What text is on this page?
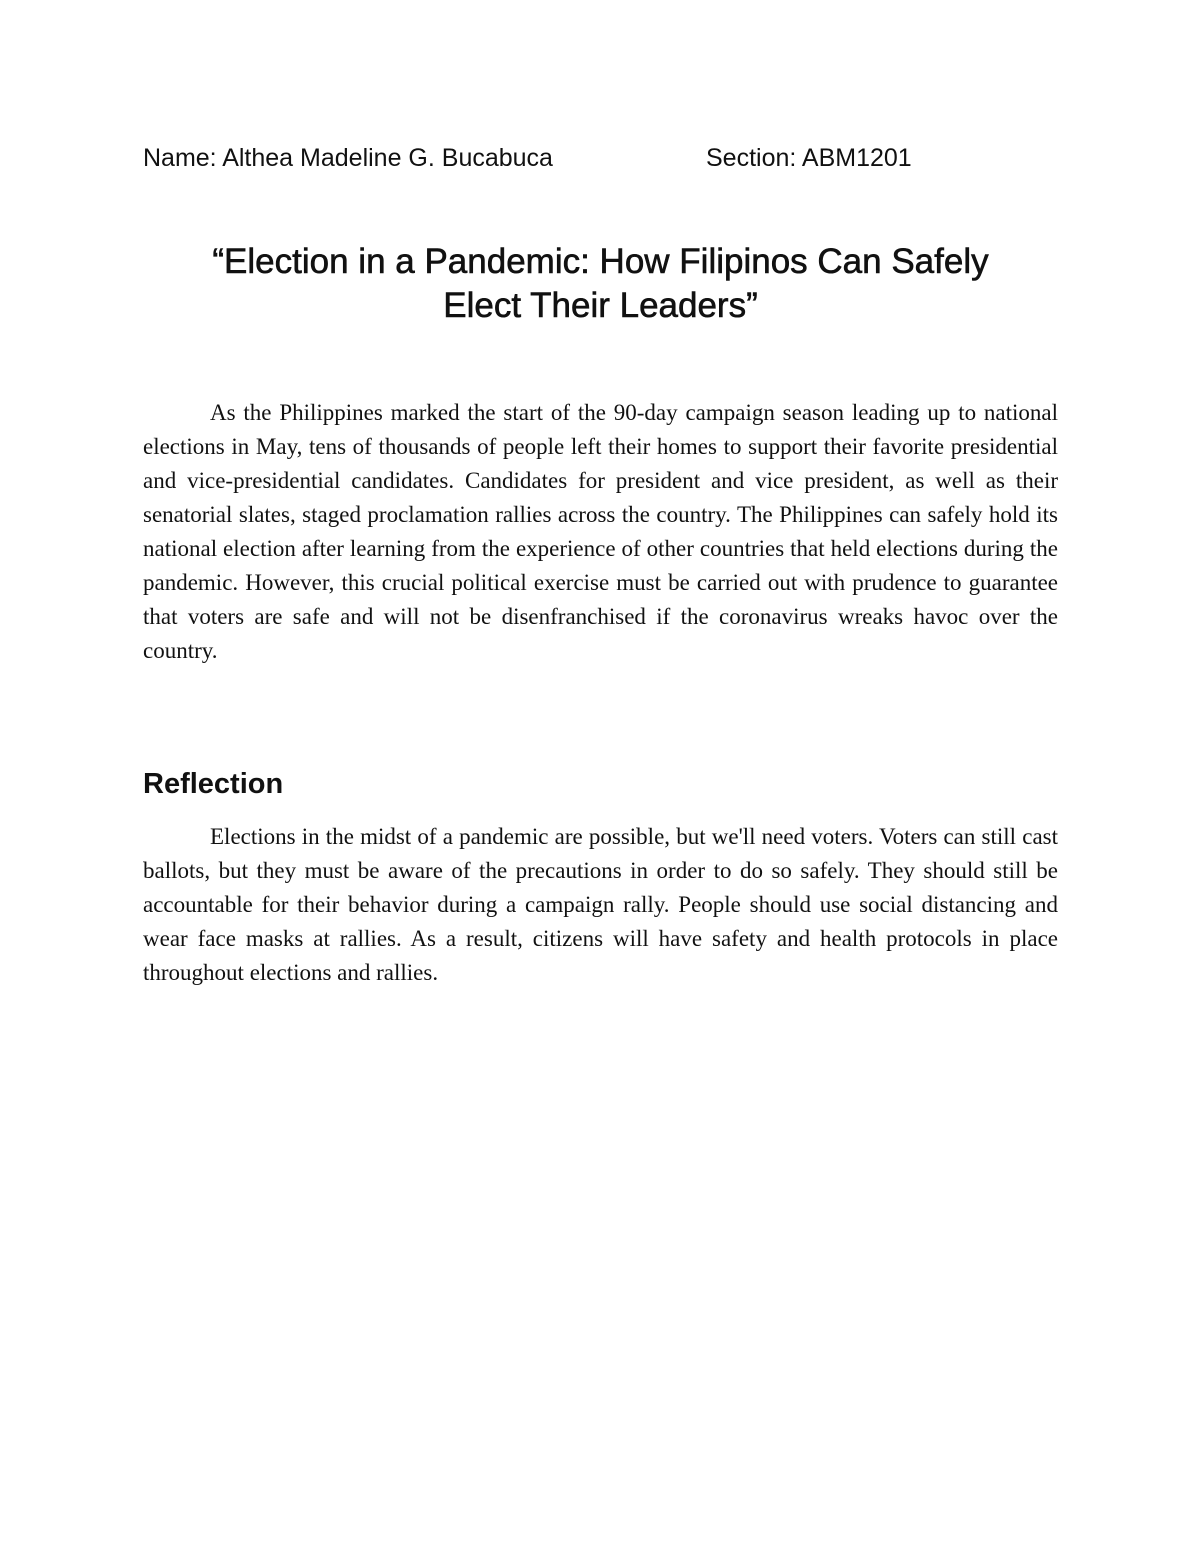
Name: Althea Madeline G. Bucabuca	Section: ABM1201
“Election in a Pandemic: How Filipinos Can Safely
Elect Their Leaders”

As the Philippines marked the start of the 90-day campaign season leading up to national elections in May, tens of thousands of people left their homes to support their favorite presidential and vice-presidential candidates. Candidates for president and vice president, as well as their senatorial slates, staged proclamation rallies across the country. The Philippines can safely hold its national election after learning from the experience of other countries that held elections during the pandemic. However, this crucial political exercise must be carried out with prudence to guarantee that voters are safe and will not be disenfranchised if the coronavirus wreaks havoc over the country.

Reflection

Elections in the midst of a pandemic are possible, but we'll need voters. Voters can still cast ballots, but they must be aware of the precautions in order to do so safely. They should still be accountable for their behavior during a campaign rally. People should use social distancing and wear face masks at rallies. As a result, citizens will have safety and health protocols in place throughout elections and rallies.
